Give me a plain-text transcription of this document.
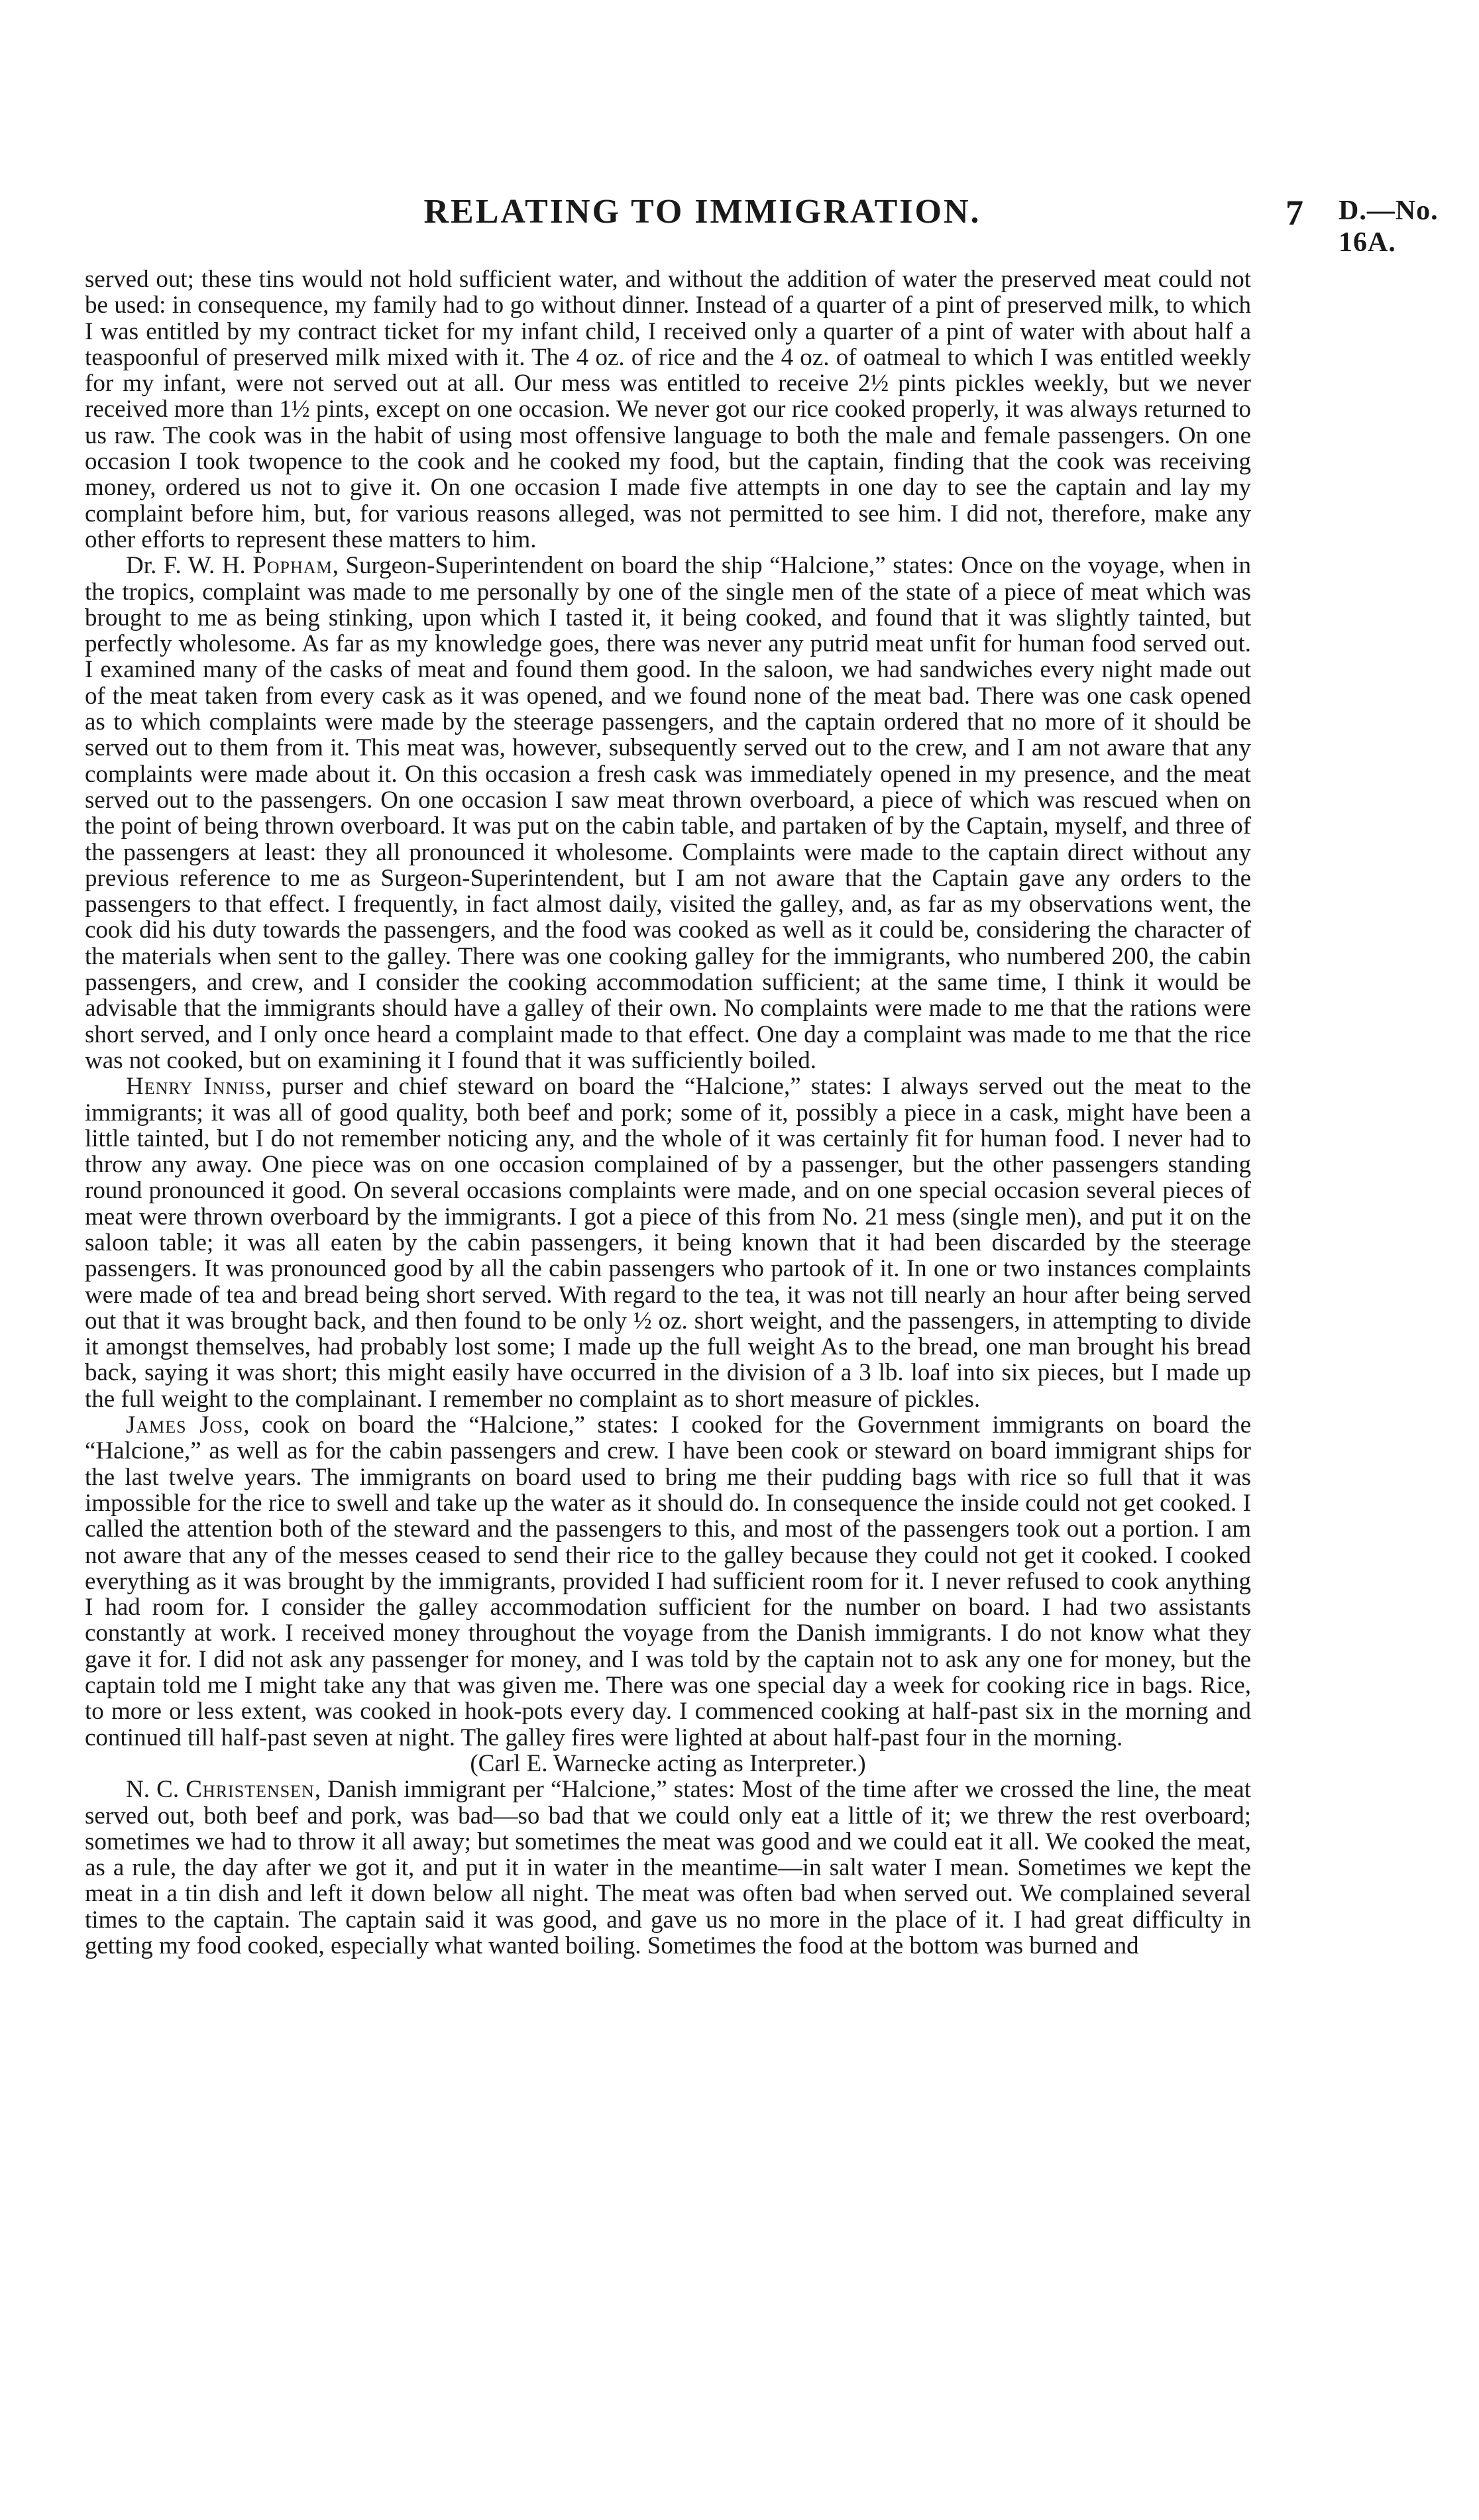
RELATING TO IMMIGRATION.	7 D.—No. 16A.

served out; these tins would not hold sufficient water, and without the addition of water the preserved meat could not be used: in consequence, my family had to go without dinner. Instead of a quarter of a pint of preserved milk, to which I was entitled by my contract ticket for my infant child, I received only a quarter of a pint of water with about half a teaspoonful of preserved milk mixed with it. The 4 oz. of rice and the 4 oz. of oatmeal to which I was entitled weekly for my infant, were not served out at all. Our mess was entitled to receive 2½ pints pickles weekly, but we never received more than 1½ pints, except on one occasion. We never got our rice cooked properly, it was always returned to us raw. The cook was in the habit of using most offensive language to both the male and female passengers. On one occasion I took twopence to the cook and he cooked my food, but the captain, finding that the cook was receiving money, ordered us not to give it. On one occasion I made five attempts in one day to see the captain and lay my complaint before him, but, for various reasons alleged, was not permitted to see him. I did not, therefore, make any other efforts to represent these matters to him.

Dr. F. W. H. Popham, Surgeon-Superintendent on board the ship “Halcione,” states: Once on the voyage, when in the tropics, complaint was made to me personally by one of the single men of the state of a piece of meat which was brought to me as being stinking, upon which I tasted it, it being cooked, and found that it was slightly tainted, but perfectly wholesome. As far as my knowledge goes, there was never any putrid meat unfit for human food served out. I examined many of the casks of meat and found them good. In the saloon, we had sandwiches every night made out of the meat taken from every cask as it was opened, and we found none of the meat bad. There was one cask opened as to which complaints were made by the steerage passengers, and the captain ordered that no more of it should be served out to them from it. This meat was, however, subsequently served out to the crew, and I am not aware that any complaints were made about it. On this occasion a fresh cask was immediately opened in my presence, and the meat served out to the passengers. On one occasion I saw meat thrown overboard, a piece of which was rescued when on the point of being thrown overboard. It was put on the cabin table, and partaken of by the Captain, myself, and three of the passengers at least: they all pronounced it wholesome. Complaints were made to the captain direct without any previous reference to me as Surgeon-Superintendent, but I am not aware that the Captain gave any orders to the passengers to that effect. I frequently, in fact almost daily, visited the galley, and, as far as my observations went, the cook did his duty towards the passengers, and the food was cooked as well as it could be, considering the character of the materials when sent to the galley. There was one cooking galley for the immigrants, who numbered 200, the cabin passengers, and crew, and I consider the cooking accommodation sufficient; at the same time, I think it would be advisable that the immigrants should have a galley of their own. No complaints were made to me that the rations were short served, and I only once heard a complaint made to that effect. One day a complaint was made to me that the rice was not cooked, but on examining it I found that it was sufficiently boiled.

Henry Inniss, purser and chief steward on board the “Halcione,” states: I always served out the meat to the immigrants; it was all of good quality, both beef and pork; some of it, possibly a piece in a cask, might have been a little tainted, but I do not remember noticing any, and the whole of it was certainly fit for human food. I never had to throw any away. One piece was on one occasion complained of by a passenger, but the other passengers standing round pronounced it good. On several occasions complaints were made, and on one special occasion several pieces of meat were thrown overboard by the immigrants. I got a piece of this from No. 21 mess (single men), and put it on the saloon table; it was all eaten by the cabin passengers, it being known that it had been discarded by the steerage passengers. It was pronounced good by all the cabin passengers who partook of it. In one or two instances complaints were made of tea and bread being short served. With regard to the tea, it was not till nearly an hour after being served out that it was brought back, and then found to be only ½ oz. short weight, and the passengers, in attempting to divide it amongst themselves, had probably lost some; I made up the full weight As to the bread, one man brought his bread back, saying it was short; this might easily have occurred in the division of a 3 lb. loaf into six pieces, but I made up the full weight to the complainant. I remember no complaint as to short measure of pickles.

James Joss, cook on board the “Halcione,” states: I cooked for the Government immigrants on board the “Halcione,” as well as for the cabin passengers and crew. I have been cook or steward on board immigrant ships for the last twelve years. The immigrants on board used to bring me their pudding bags with rice so full that it was impossible for the rice to swell and take up the water as it should do. In consequence the inside could not get cooked. I called the attention both of the steward and the passengers to this, and most of the passengers took out a portion. I am not aware that any of the messes ceased to send their rice to the galley because they could not get it cooked. I cooked everything as it was brought by the immigrants, provided I had sufficient room for it. I never refused to cook anything I had room for. I consider the galley accommodation sufficient for the number on board. I had two assistants constantly at work. I received money throughout the voyage from the Danish immigrants. I do not know what they gave it for. I did not ask any passenger for money, and I was told by the captain not to ask any one for money, but the captain told me I might take any that was given me. There was one special day a week for cooking rice in bags. Rice, to more or less extent, was cooked in hook-pots every day. I commenced cooking at half-past six in the morning and continued till half-past seven at night. The galley fires were lighted at about half-past four in the morning.

(Carl E. Warnecke acting as Interpreter.)

N. C. Christensen, Danish immigrant per “Halcione,” states: Most of the time after we crossed the line, the meat served out, both beef and pork, was bad—so bad that we could only eat a little of it; we threw the rest overboard; sometimes we had to throw it all away; but sometimes the meat was good and we could eat it all. We cooked the meat, as a rule, the day after we got it, and put it in water in the meantime—in salt water I mean. Sometimes we kept the meat in a tin dish and left it down below all night. The meat was often bad when served out. We complained several times to the captain. The captain said it was good, and gave us no more in the place of it. I had great difficulty in getting my food cooked, especially what wanted boiling. Sometimes the food at the bottom was burned and
